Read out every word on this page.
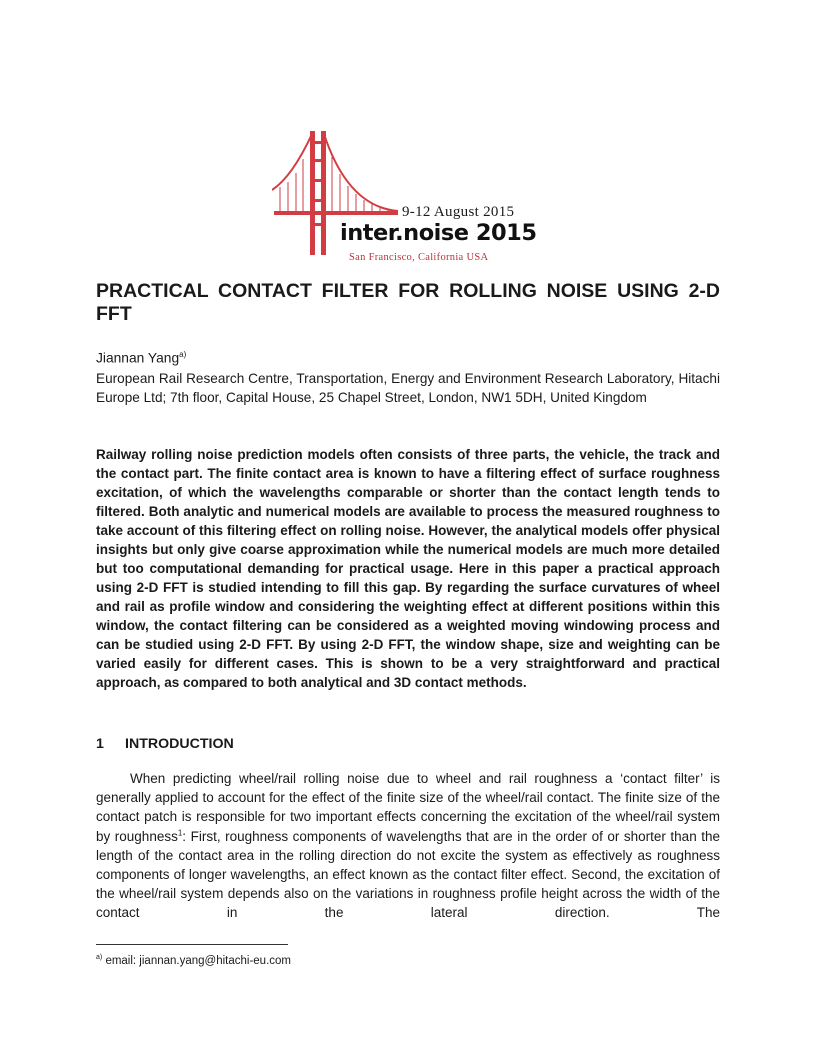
9-12 August 2015
inter.noise 2015
San Francisco, California USA
PRACTICAL CONTACT FILTER FOR ROLLING NOISE USING 2-D FFT
Jiannan Yang$^{a)}$

European Rail Research Centre, Transportation, Energy and Environment Research Laboratory, Hitachi Europe Ltd; 7th floor, Capital House, 25 Chapel Street, London, NW1 5DH, United Kingdom

Railway rolling noise prediction models often consists of three parts, the vehicle, the track and the contact part. The finite contact area is known to have a filtering effect of surface roughness excitation, of which the wavelengths comparable or shorter than the contact length tends to filtered. Both analytic and numerical models are available to process the measured roughness to take account of this filtering effect on rolling noise. However, the analytical models offer physical insights but only give coarse approximation while the numerical models are much more detailed but too computational demanding for practical usage. Here in this paper a practical approach using 2-D FFT is studied intending to fill this gap. By regarding the surface curvatures of wheel and rail as profile window and considering the weighting effect at different positions within this window, the contact filtering can be considered as a weighted moving windowing process and can be studied using 2-D FFT. By using 2-D FFT, the window shape, size and weighting can be varied easily for different cases. This is shown to be a very straightforward and practical approach, as compared to both analytical and 3D contact methods.

1 INTRODUCTION

When predicting wheel/rail rolling noise due to wheel and rail roughness a ‘contact filter’ is generally applied to account for the effect of the finite size of the wheel/rail contact. The finite size of the contact patch is responsible for two important effects concerning the excitation of the wheel/rail system by roughness$^1$: First, roughness components of wavelengths that are in the order of or shorter than the length of the contact area in the rolling direction do not excite the system as effectively as roughness components of longer wavelengths, an effect known as the contact filter effect. Second, the excitation of the wheel/rail system depends also on the variations in roughness profile height across the width of the contact in the lateral direction. The

$^{a)}$ email: jiannan.yang@hitachi-eu.com
